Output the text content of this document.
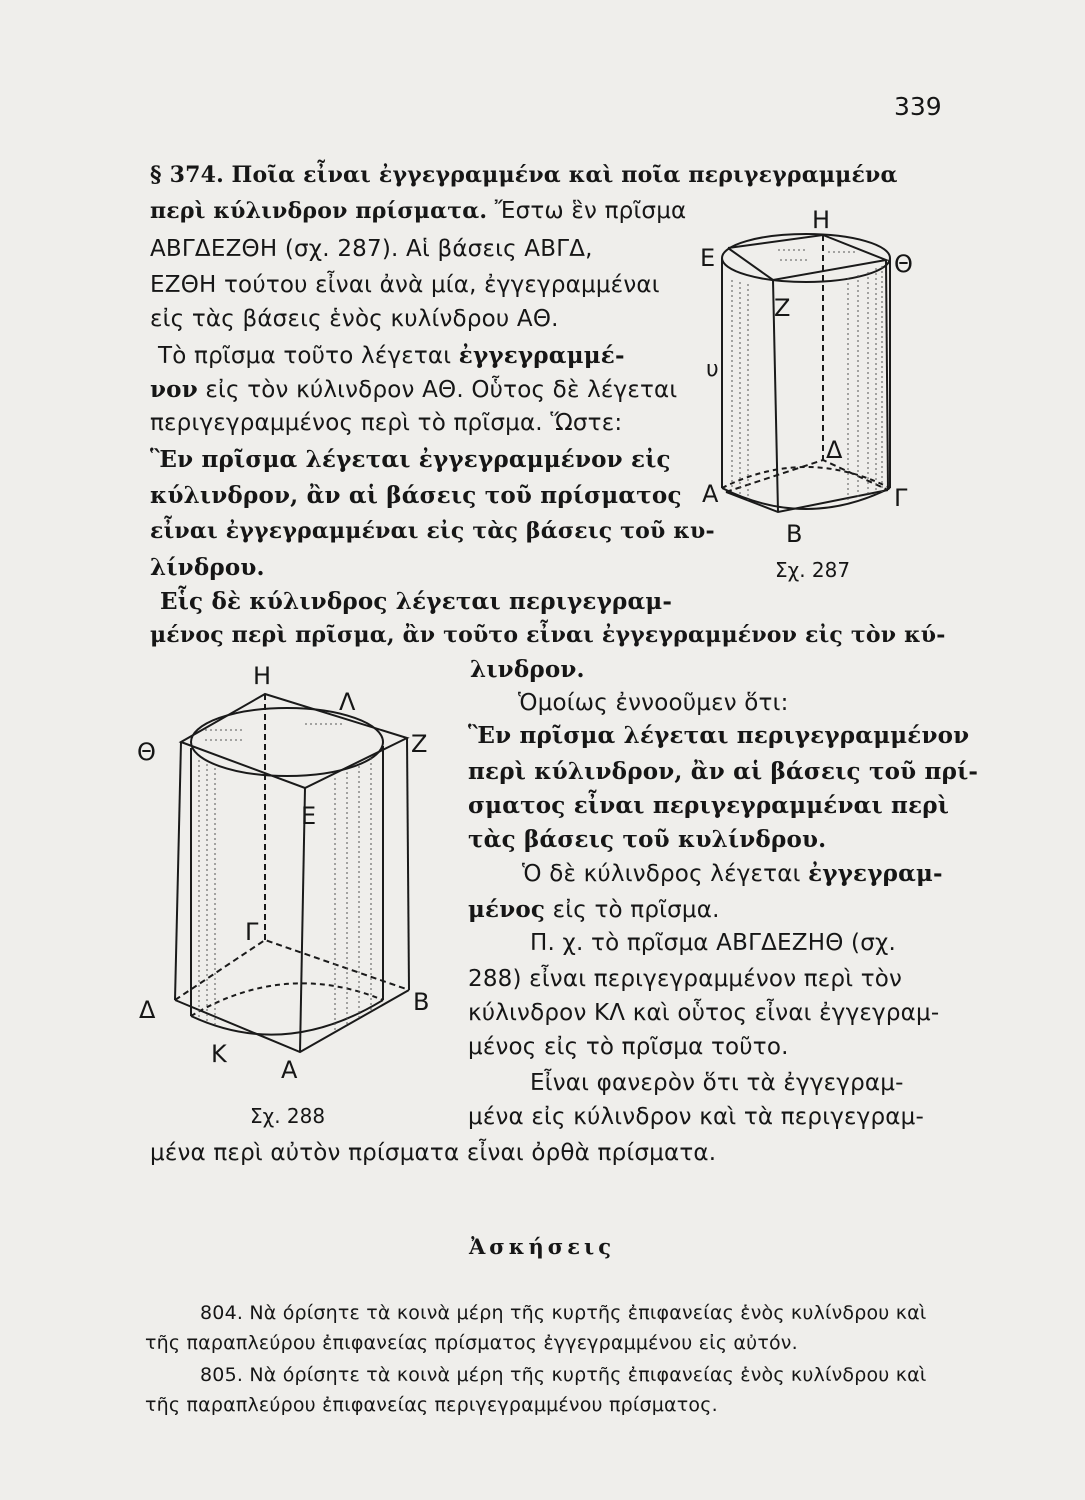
339
§ 374. Ποῖα εἶναι ἐγγεγραμμένα καὶ ποῖα περιγεγραμμένα
περὶ κύλινδρον πρίσματα. Ἔστω ἓν πρῖσμα
ΑΒΓΔΕΖΘΗ (σχ. 287). Αἱ βάσεις ΑΒΓΔ,
ΕΖΘΗ τούτου εἶναι ἀνὰ μία, ἐγγεγραμμέναι
εἰς τὰς βάσεις ἑνὸς κυλίνδρου ΑΘ.
Τὸ πρῖσμα τοῦτο λέγεται ἐγγεγραμμέ-
νον εἰς τὸν κύλινδρον ΑΘ. Οὗτος δὲ λέγεται
περιγεγραμμένος περὶ τὸ πρῖσμα. Ὥστε:
Ἓν πρῖσμα λέγεται ἐγγεγραμμένον εἰς
κύλινδρον, ἂν αἱ βάσεις τοῦ πρίσματος
εἶναι ἐγγεγραμμέναι εἰς τὰς βάσεις τοῦ κυ-
λίνδρου.
Εἷς δὲ κύλινδρος λέγεται περιγεγραμ-
μένος περὶ πρῖσμα, ἂν τοῦτο εἶναι ἐγγεγραμμένον εἰς τὸν κύ-
λινδρον.
Ὁμοίως ἐννοοῦμεν ὅτι:
Ἓν πρῖσμα λέγεται περιγεγραμμένον
περὶ κύλινδρον, ἂν αἱ βάσεις τοῦ πρί-
σματος εἶναι περιγεγραμμέναι περὶ
τὰς βάσεις τοῦ κυλίνδρου.
Ὁ δὲ κύλινδρος λέγεται ἐγγεγραμ-
μένος εἰς τὸ πρῖσμα.
Π. χ. τὸ πρῖσμα ΑΒΓΔΕΖΗΘ (σχ.
288) εἶναι περιγεγραμμένον περὶ τὸν
κύλινδρον ΚΛ καὶ οὗτος εἶναι ἐγγεγραμ-
μένος εἰς τὸ πρῖσμα τοῦτο.
Εἶναι φανερὸν ὅτι τὰ ἐγγεγραμ-
μένα εἰς κύλινδρον καὶ τὰ περιγεγραμ-
μένα περὶ αὐτὸν πρίσματα εἶναι ὀρθὰ πρίσματα.
Η
Ε	Θ
Ζ
υ
Δ
Α	Γ
Β
Σχ. 287
Η
Λ
Θ	Ζ
Ε
Γ
Δ	Β
Κ
Α
Σχ. 288
Ἀσκήσεις
804. Νὰ όρίσητε τὰ κοινὰ μέρη τῆς κυρτῆς ἐπιφανείας ἑνὸς κυλίνδρου καὶ
τῆς παραπλεύρου ἐπιφανείας πρίσματος ἐγγεγραμμένου εἰς αὐτόν.
805. Νὰ όρίσητε τὰ κοινὰ μέρη τῆς κυρτῆς ἐπιφανείας ἑνὸς κυλίνδρου καὶ
τῆς παραπλεύρου ἐπιφανείας περιγεγραμμένου πρίσματος.
